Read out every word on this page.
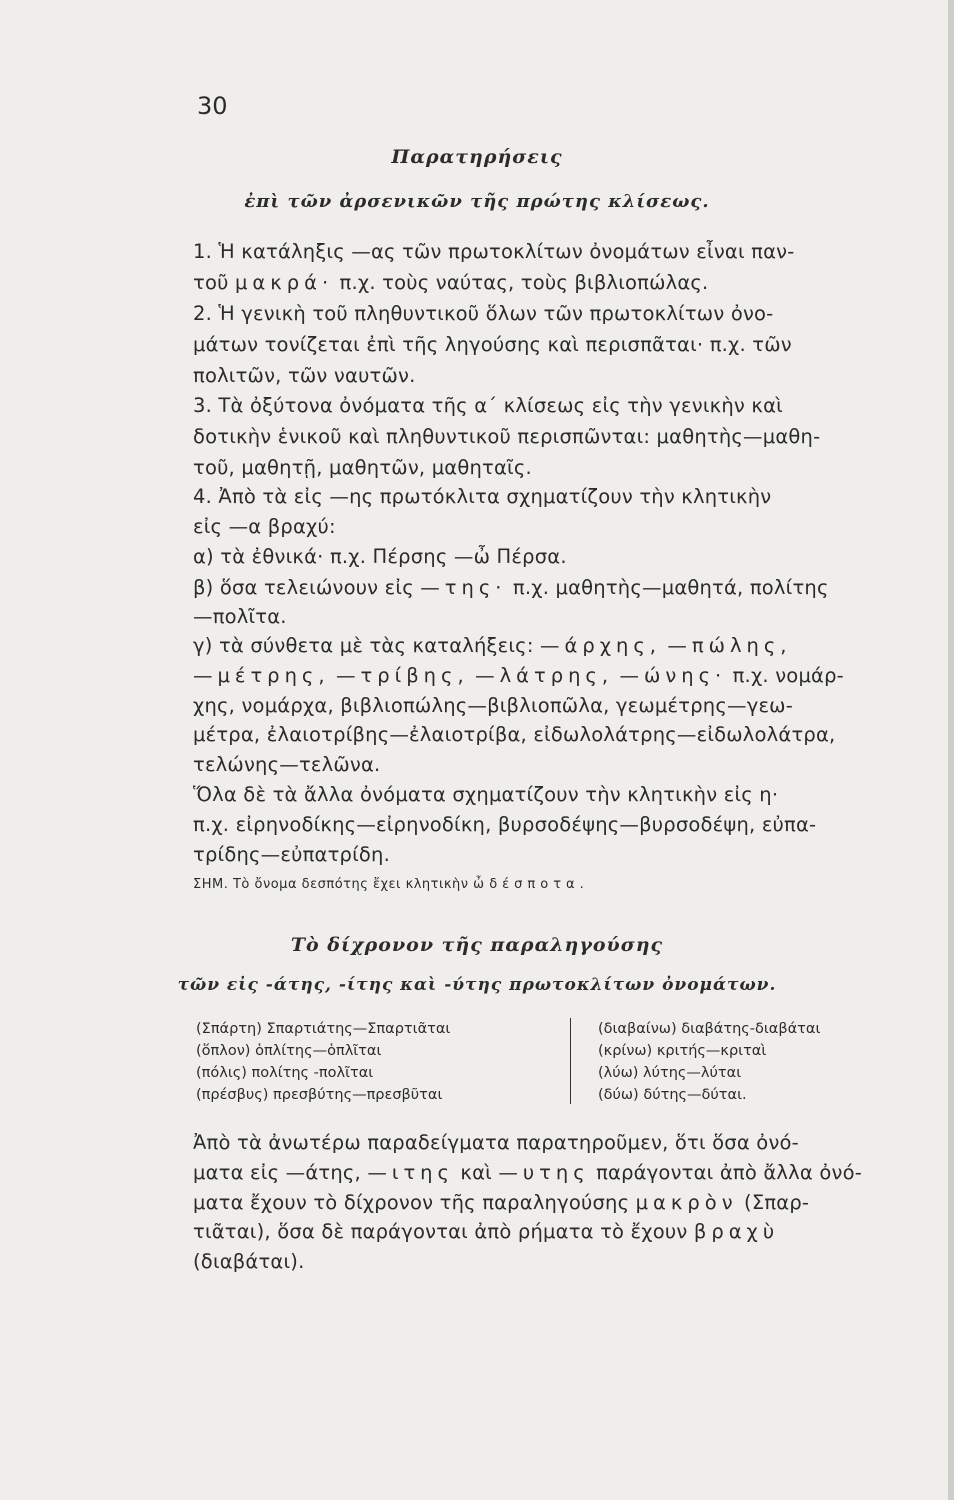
30
Παρατηρήσεις
ἐπὶ τῶν ἀρσενικῶν τῆς πρώτης κλίσεως.
1. Ἡ κατάληξις —ας τῶν πρωτοκλίτων ὀνομάτων εἶναι παν-
τοῦ μακρά· π.χ. τοὺς ναύτας, τοὺς βιβλιοπώλας.
2. Ἡ γενικὴ τοῦ πληθυντικοῦ ὅλων τῶν πρωτοκλίτων ὀνο-
μάτων τονίζεται ἐπὶ τῆς ληγούσης καὶ περισπᾶται· π.χ. τῶν
πολιτῶν, τῶν ναυτῶν.
3. Τὰ ὀξύτονα ὀνόματα τῆς α΄ κλίσεως εἰς τὴν γενικὴν καὶ
δοτικὴν ἑνικοῦ καὶ πληθυντικοῦ περισπῶνται: μαθητὴς—μαθη-
τοῦ, μαθητῇ, μαθητῶν, μαθηταῖς.
4. Ἀπὸ τὰ εἰς —ης πρωτόκλιτα σχηματίζουν τὴν κλητικὴν
εἰς —α βραχύ:
α) τὰ ἐθνικά· π.χ. Πέρσης —ὦ Πέρσα.
β) ὅσα τελειώνουν εἰς —της· π.χ. μαθητὴς—μαθητά, πολίτης
—πολῖτα.
γ) τὰ σύνθετα μὲ τὰς καταλήξεις: —άρχης, —πώλης,
—μέτρης, —τρίβης, —λάτρης, —ώνης· π.χ. νομάρ-
χης, νομάρχα, βιβλιοπώλης—βιβλιοπῶλα, γεωμέτρης—γεω-
μέτρα, ἐλαιοτρίβης—ἐλαιοτρίβα, εἰδωλολάτρης—εἰδωλολάτρα,
τελώνης—τελῶνα.
Ὅλα δὲ τὰ ἄλλα ὀνόματα σχηματίζουν τὴν κλητικὴν εἰς η·
π.χ. εἰρηνοδίκης—εἰρηνοδίκη, βυρσοδέψης—βυρσοδέψη, εὐπα-
τρίδης—εὐπατρίδη.
ΣΗΜ. Τὸ ὄνομα δεσπότης ἔχει κλητικὴν ὦ δέσποτα.
Τὸ δίχρονον τῆς παραληγούσης
τῶν εἰς -άτης, -ίτης καὶ -ύτης πρωτοκλίτων ὀνομάτων.
(Σπάρτη) Σπαρτιάτης—Σπαρτιᾶται
(ὅπλον) ὁπλίτης—ὁπλῖται
(πόλις) πολίτης -πολῖται
(πρέσβυς) πρεσβύτης—πρεσβῦται
(διαβαίνω) διαβάτης-διαβάται
(κρίνω) κριτής—κριταὶ
(λύω) λύτης—λύται
(δύω) δύτης—δύται.
Ἀπὸ τὰ ἀνωτέρω παραδείγματα παρατηροῦμεν, ὅτι ὅσα ὀνό-
ματα εἰς —άτης, —ιτης καὶ —υτης παράγονται ἀπὸ ἄλλα ὀνό-
ματα ἔχουν τὸ δίχρονον τῆς παραληγούσης μακρὸν (Σπαρ-
τιᾶται), ὅσα δὲ παράγονται ἀπὸ ρήματα τὸ ἔχουν βραχὺ
(διαβάται).
